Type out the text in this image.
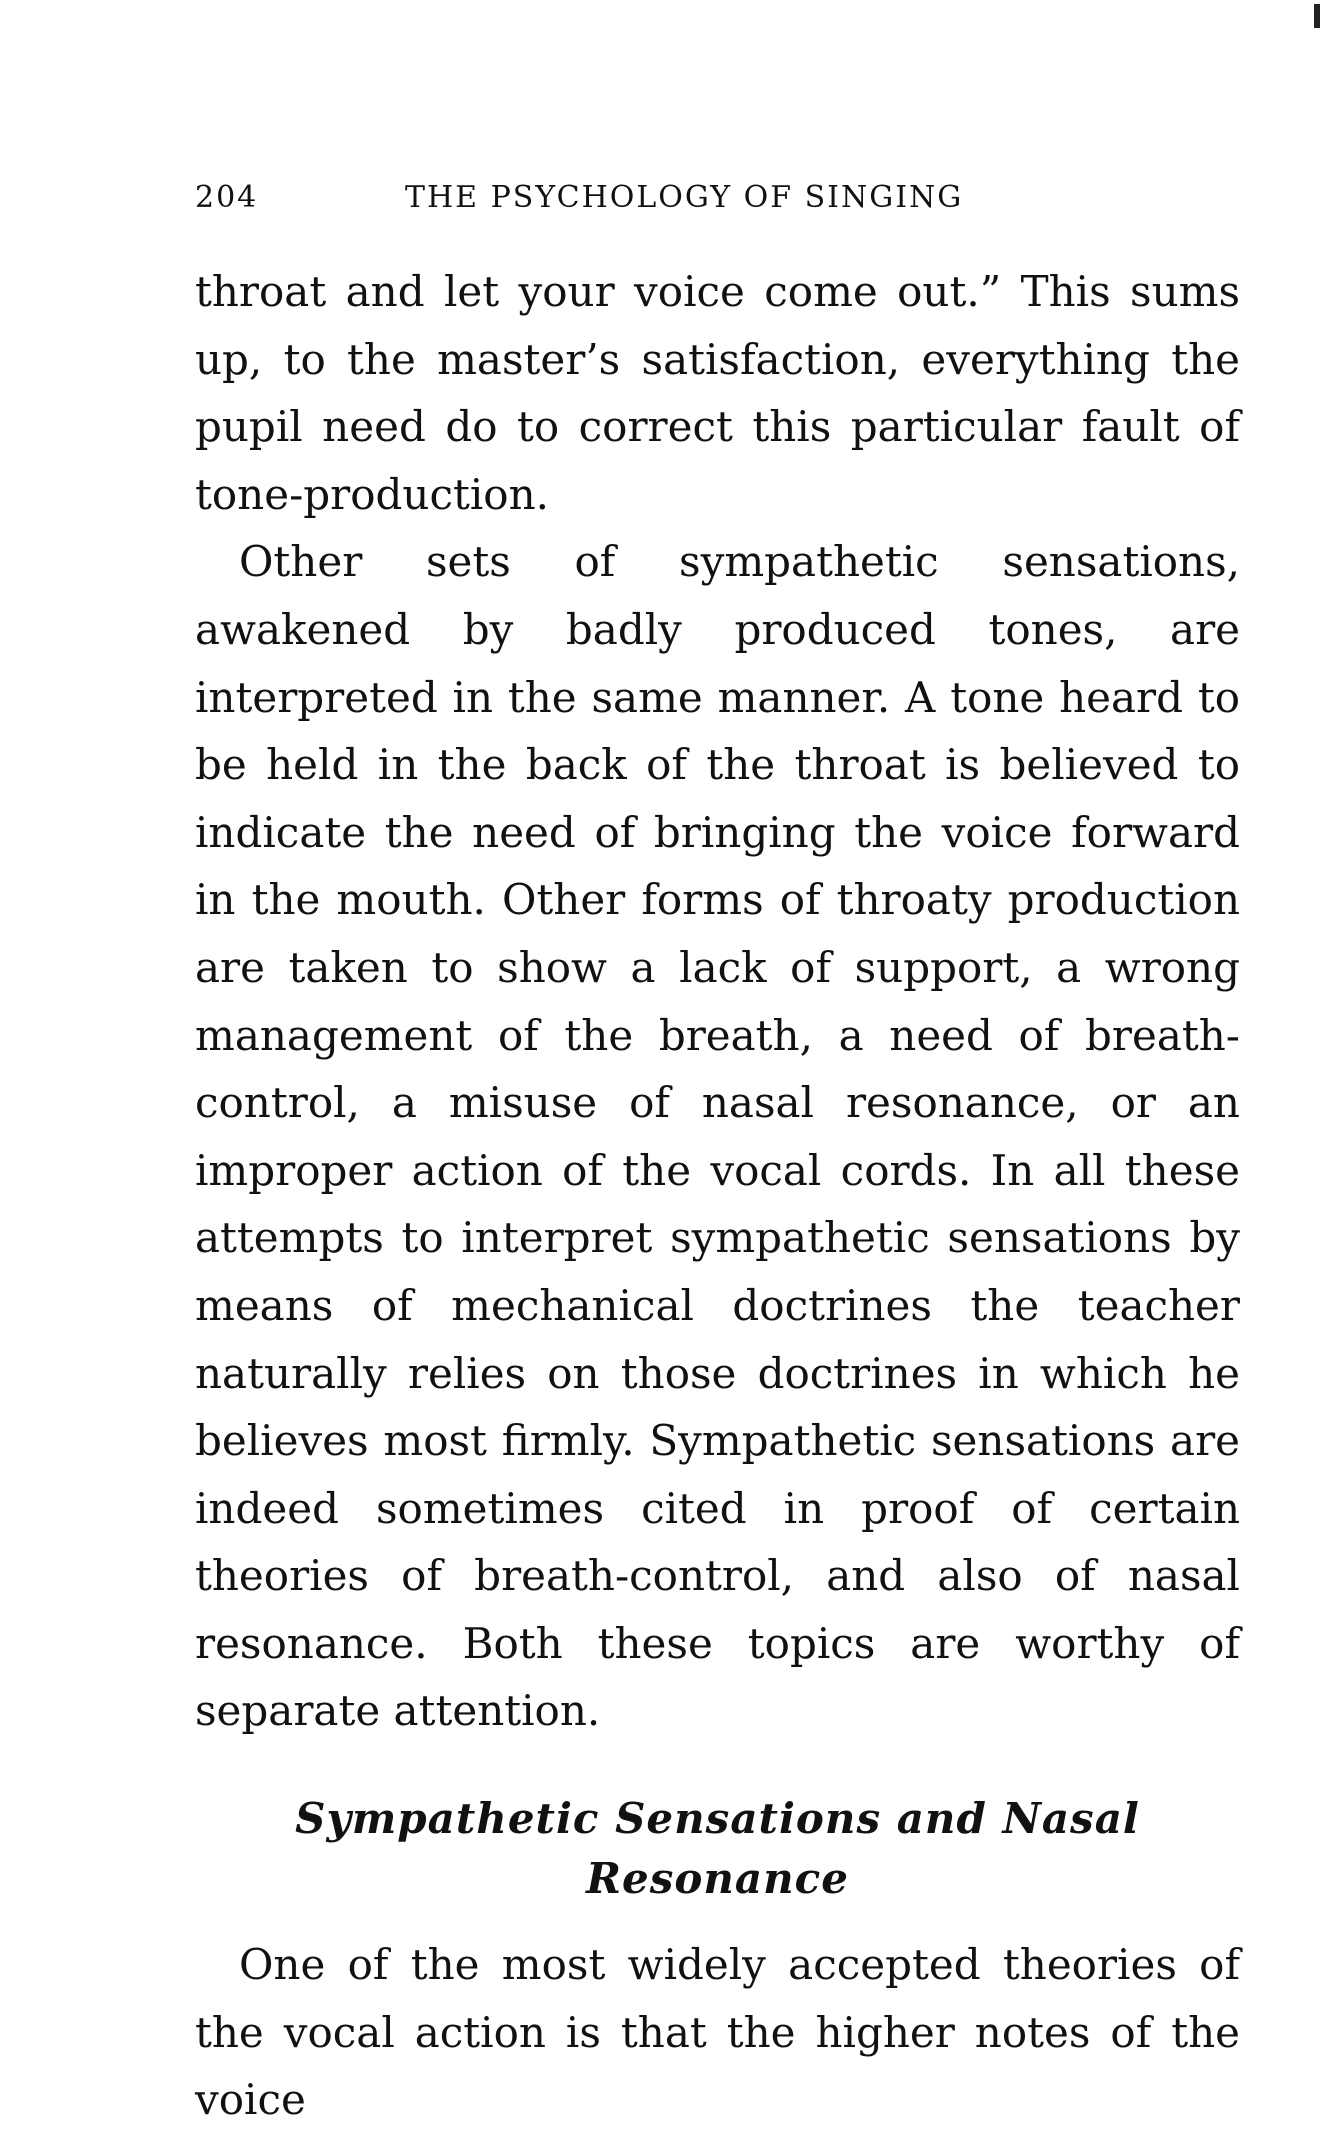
204	THE PSYCHOLOGY OF SINGING

throat and let your voice come out.” This sums up, to the master’s satisfaction, everything the pupil need do to correct this particular fault of tone-production.

Other sets of sympathetic sensations, awakened by badly produced tones, are interpreted in the same manner. A tone heard to be held in the back of the throat is believed to indicate the need of bringing the voice forward in the mouth. Other forms of throaty production are taken to show a lack of support, a wrong management of the breath, a need of breath-control, a misuse of nasal resonance, or an improper action of the vocal cords. In all these attempts to interpret sympathetic sensations by means of mechanical doctrines the teacher naturally relies on those doctrines in which he believes most firmly. Sympathetic sensations are indeed sometimes cited in proof of certain theories of breath-control, and also of nasal resonance. Both these topics are worthy of separate attention.

Sympathetic Sensations and Nasal Resonance

One of the most widely accepted theories of the vocal action is that the higher notes of the voice
